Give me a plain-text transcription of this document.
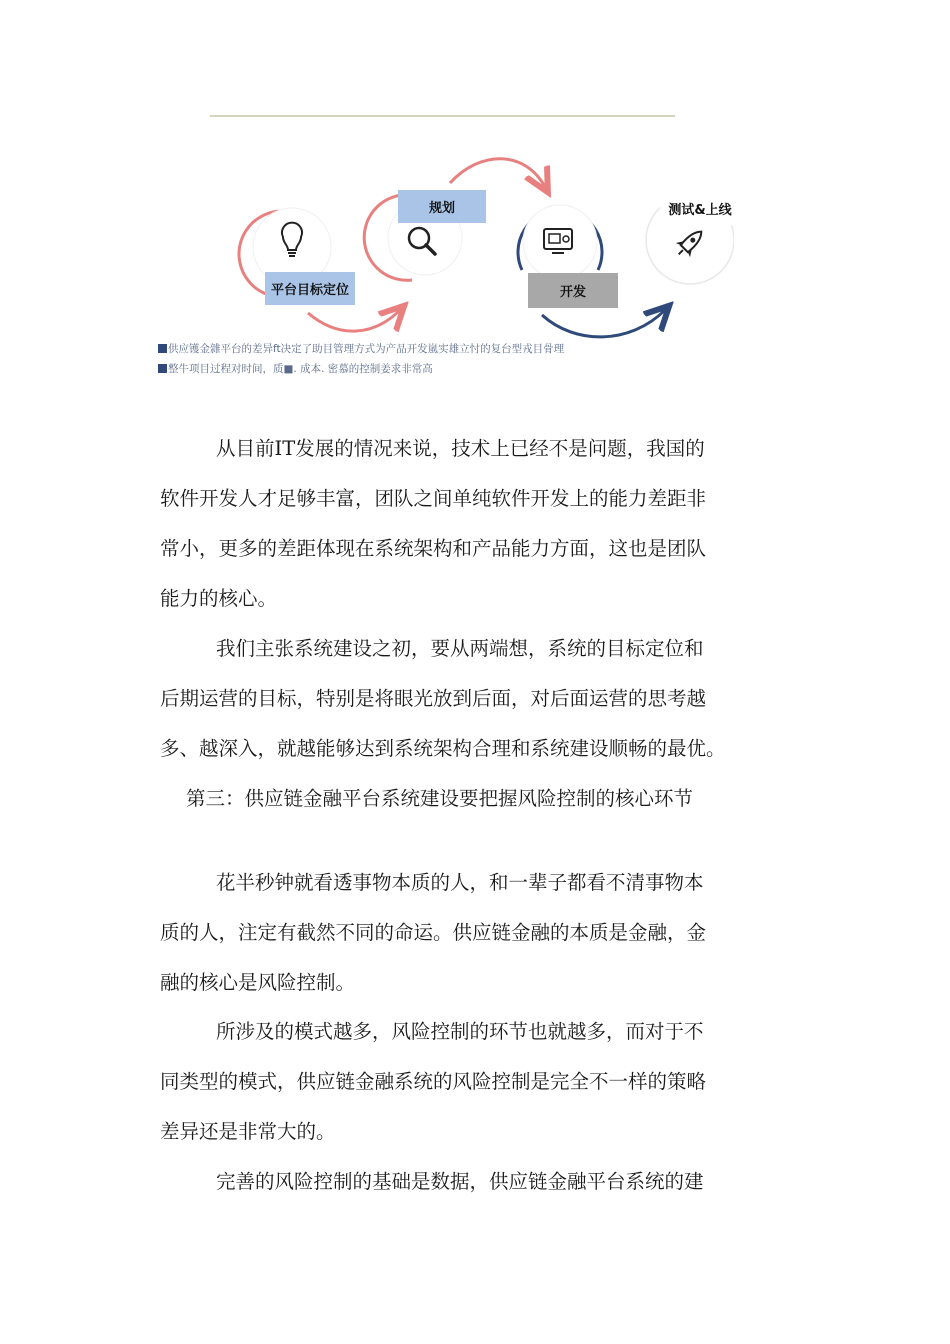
平台目标定位
规划
开发
测试&上线
供应镬金雜平台的差异ft决定了助目管理方式为产品开发嵐实雄立忖的复台型戎目骨理
整牛项目过程对时间，质■. 成本. 密慕的控制姜求非常高
从目前IT发展的情况来说，技术上已经不是问题，我国的
软件开发人才足够丰富，团队之间单纯软件开发上的能力差距非
常小，更多的差距体现在系统架构和产品能力方面，这也是团队
能力的核心。
我们主张系统建设之初，要从两端想，系统的目标定位和
后期运营的目标，特别是将眼光放到后面，对后面运营的思考越
多、越深入，就越能够达到系统架构合理和系统建设顺畅的最优。
第三：供应链金融平台系统建设要把握风险控制的核心环节
花半秒钟就看透事物本质的人，和一辈子都看不清事物本
质的人，注定有截然不同的命运。供应链金融的本质是金融，金
融的核心是风险控制。
所涉及的模式越多，风险控制的环节也就越多，而对于不
同类型的模式，供应链金融系统的风险控制是完全不一样的策略
差异还是非常大的。
完善的风险控制的基础是数据，供应链金融平台系统的建
